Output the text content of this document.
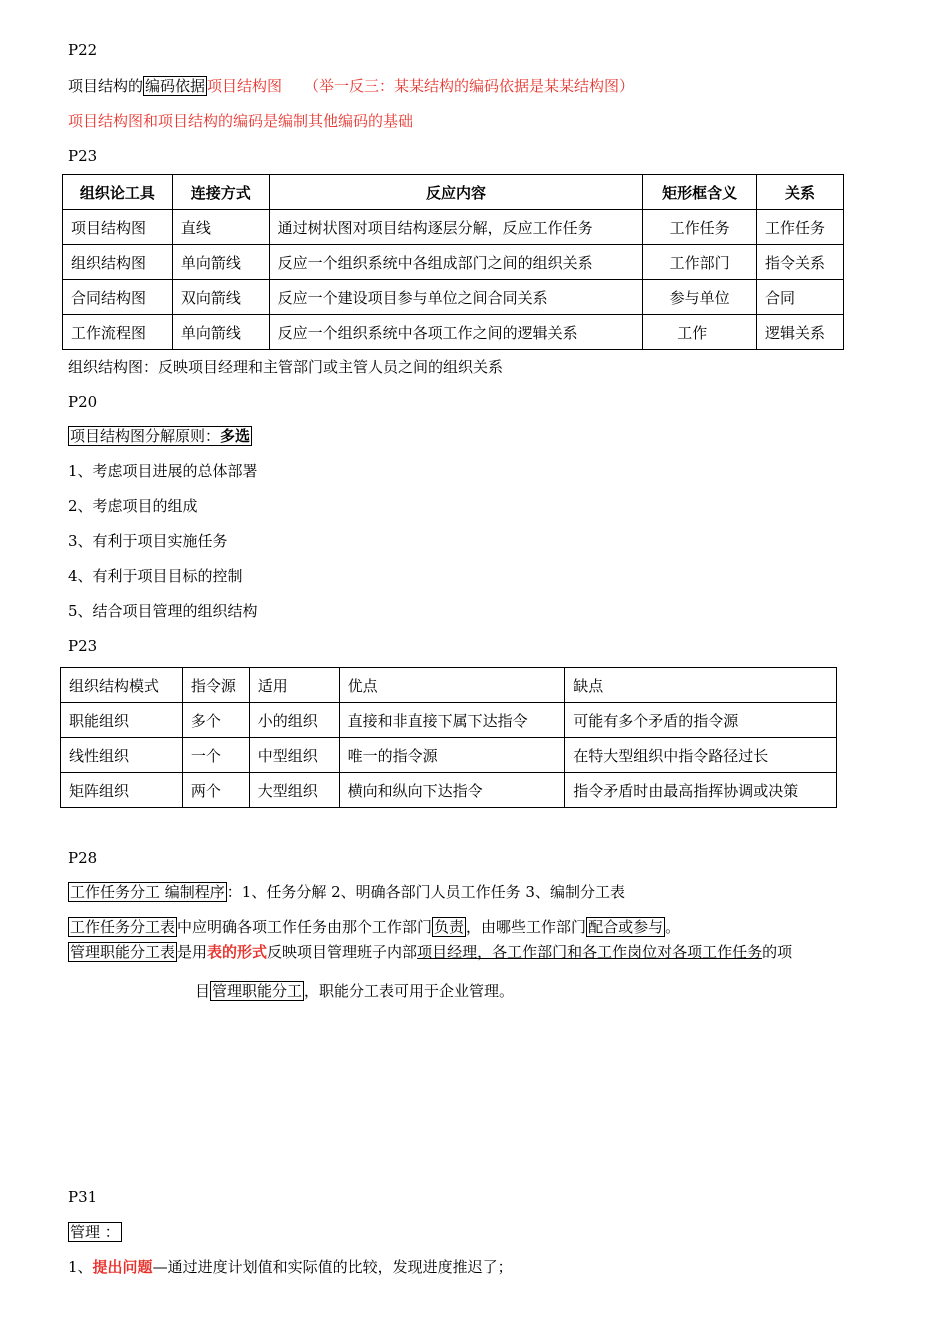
P22
项目结构的 编码依据 项目结构图 （举一反三：某某结构的编码依据是某某结构图）
项目结构图和项目结构的编码是编制其他编码的基础
P23
组织论工具	连接方式	反应内容	矩形框含义	关系
项目结构图	直线	通过树状图对项目结构逐层分解，反应工作任务	工作任务	工作任务
组织结构图	单向箭线	反应一个组织系统中各组成部门之间的组织关系	工作部门	指令关系
合同结构图	双向箭线	反应一个建设项目参与单位之间合同关系	参与单位	合同
工作流程图	单向箭线	反应一个组织系统中各项工作之间的逻辑关系	工作	逻辑关系
组织结构图：反映项目经理和主管部门或主管人员之间的组织关系
P20
项目结构图分解原则：多选
1、考虑项目进展的总体部署
2、考虑项目的组成
3、有利于项目实施任务
4、有利于项目目标的控制
5、结合项目管理的组织结构
P23
组织结构模式	指令源	适用	优点	缺点
职能组织	多个	小的组织	直接和非直接下属下达指令	可能有多个矛盾的指令源
线性组织	一个	中型组织	唯一的指令源	在特大型组织中指令路径过长
矩阵组织	两个	大型组织	横向和纵向下达指令	指令矛盾时由最高指挥协调或决策
P28
工作任务分工 编制程序 ：1、任务分解 2、明确各部门人员工作任务 3、编制分工表
工作任务分工表 中应明确各项工作任务由那个工作部门 负责 ，由哪些工作部门 配合或参与 。
管理职能分工表 是用表的形式反映项目管理班子内部项目经理，各工作部门和各工作岗位对各项工作任务的项
目 管理职能分工 ，职能分工表可用于企业管理。
P31
管理 ：
1、提出问题—通过进度计划值和实际值的比较，发现进度推迟了；
